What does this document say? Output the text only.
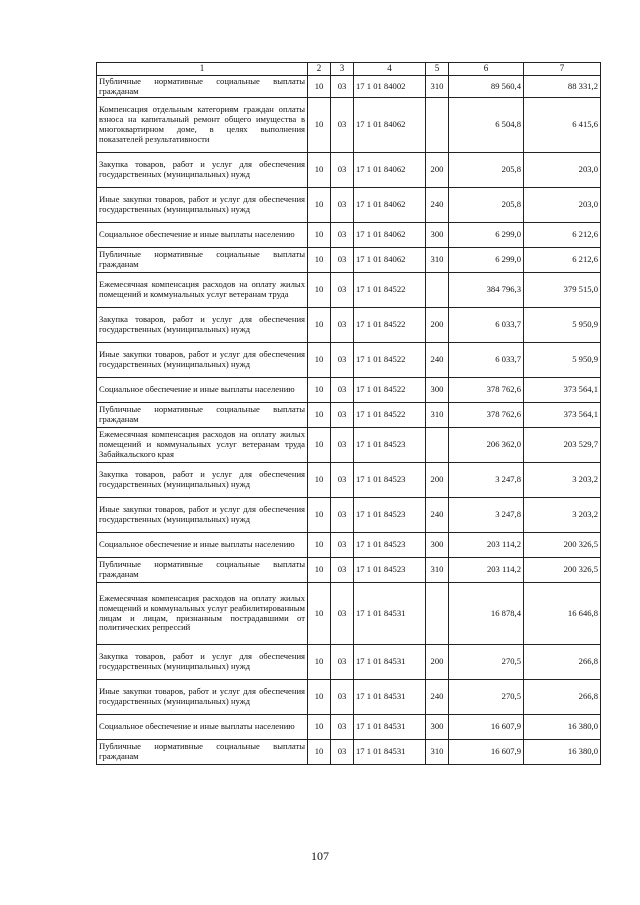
1	2	3	4	5	6	7
Публичные нормативные социальные выплаты гражданам	10	03	17 1 01 84002	310	89 560,4	88 331,2
Компенсация отдельным категориям граждан оплаты взноса на капитальный ремонт общего имущества в многоквартирном доме, в целях выполнения показателей результативности	10	03	17 1 01 84062		6 504,8	6 415,6
Закупка товаров, работ и услуг для обеспечения государственных (муниципальных) нужд	10	03	17 1 01 84062	200	205,8	203,0
Иные закупки товаров, работ и услуг для обеспечения государственных (муниципальных) нужд	10	03	17 1 01 84062	240	205,8	203,0
Социальное обеспечение и иные выплаты населению	10	03	17 1 01 84062	300	6 299,0	6 212,6
Публичные нормативные социальные выплаты гражданам	10	03	17 1 01 84062	310	6 299,0	6 212,6
Ежемесячная компенсация расходов на оплату жилых помещений и коммунальных услуг ветеранам труда	10	03	17 1 01 84522		384 796,3	379 515,0
Закупка товаров, работ и услуг для обеспечения государственных (муниципальных) нужд	10	03	17 1 01 84522	200	6 033,7	5 950,9
Иные закупки товаров, работ и услуг для обеспечения государственных (муниципальных) нужд	10	03	17 1 01 84522	240	6 033,7	5 950,9
Социальное обеспечение и иные выплаты населению	10	03	17 1 01 84522	300	378 762,6	373 564,1
Публичные нормативные социальные выплаты гражданам	10	03	17 1 01 84522	310	378 762,6	373 564,1
Ежемесячная компенсация расходов на оплату жилых помещений и коммунальных услуг ветеранам труда Забайкальского края	10	03	17 1 01 84523		206 362,0	203 529,7
Закупка товаров, работ и услуг для обеспечения государственных (муниципальных) нужд	10	03	17 1 01 84523	200	3 247,8	3 203,2
Иные закупки товаров, работ и услуг для обеспечения государственных (муниципальных) нужд	10	03	17 1 01 84523	240	3 247,8	3 203,2
Социальное обеспечение и иные выплаты населению	10	03	17 1 01 84523	300	203 114,2	200 326,5
Публичные нормативные социальные выплаты гражданам	10	03	17 1 01 84523	310	203 114,2	200 326,5
Ежемесячная компенсация расходов на оплату жилых помещений и коммунальных услуг реабилитированным лицам и лицам, признанным пострадавшими от политических репрессий	10	03	17 1 01 84531		16 878,4	16 646,8
Закупка товаров, работ и услуг для обеспечения государственных (муниципальных) нужд	10	03	17 1 01 84531	200	270,5	266,8
Иные закупки товаров, работ и услуг для обеспечения государственных (муниципальных) нужд	10	03	17 1 01 84531	240	270,5	266,8
Социальное обеспечение и иные выплаты населению	10	03	17 1 01 84531	300	16 607,9	16 380,0
Публичные нормативные социальные выплаты гражданам	10	03	17 1 01 84531	310	16 607,9	16 380,0
107
